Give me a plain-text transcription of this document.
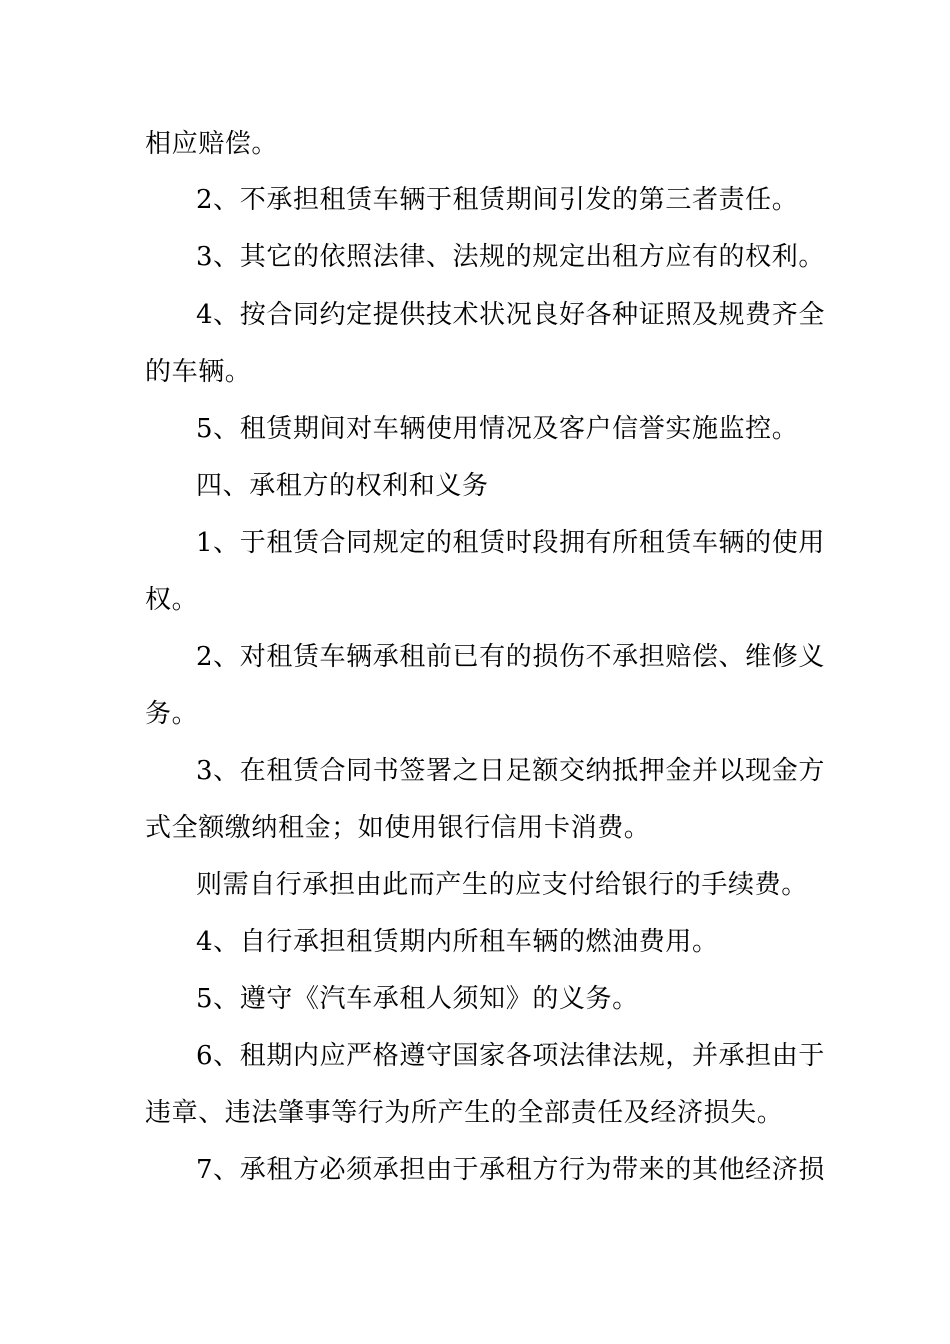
相应赔偿。
2、不承担租赁车辆于租赁期间引发的第三者责任。
3、其它的依照法律、法规的规定出租方应有的权利。
4、按合同约定提供技术状况良好各种证照及规费齐全
的车辆。
5、租赁期间对车辆使用情况及客户信誉实施监控。
四、承租方的权利和义务
1、于租赁合同规定的租赁时段拥有所租赁车辆的使用
权。
2、对租赁车辆承租前已有的损伤不承担赔偿、维修义
务。
3、在租赁合同书签署之日足额交纳抵押金并以现金方
式全额缴纳租金；如使用银行信用卡消费。
则需自行承担由此而产生的应支付给银行的手续费。
4、自行承担租赁期内所租车辆的燃油费用。
5、遵守《汽车承租人须知》的义务。
6、租期内应严格遵守国家各项法律法规，并承担由于
违章、违法肇事等行为所产生的全部责任及经济损失。
7、承租方必须承担由于承租方行为带来的其他经济损
